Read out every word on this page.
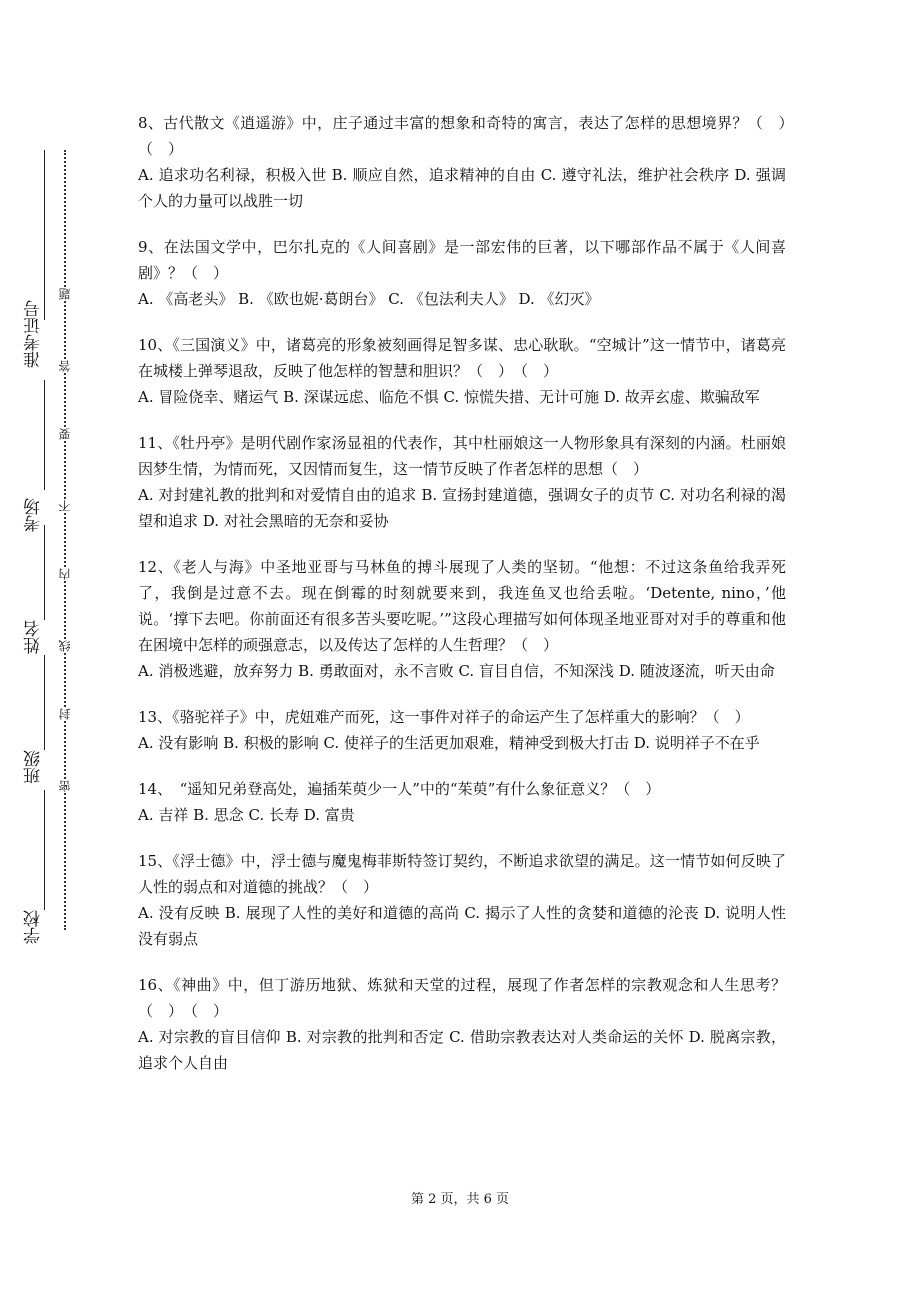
准考证号
考场
姓名
班级
学校
题
答
要
不
内
线
封
密

8、古代散文《逍遥游》中，庄子通过丰富的想象和奇特的寓言，表达了怎样的思想境界？（　）　（　）

A. 追求功名利禄，积极入世 B. 顺应自然，追求精神的自由 C. 遵守礼法，维护社会秩序 D. 强调个人的力量可以战胜一切

9、在法国文学中，巴尔扎克的《人间喜剧》是一部宏伟的巨著，以下哪部作品不属于《人间喜剧》？（　）

A. 《高老头》 B. 《欧也妮·葛朗台》 C. 《包法利夫人》 D. 《幻灭》

10、《三国演义》中，诸葛亮的形象被刻画得足智多谋、忠心耿耿。“空城计”这一情节中，诸葛亮在城楼上弹琴退敌，反映了他怎样的智慧和胆识？（　）　（　）

A. 冒险侥幸、赌运气 B. 深谋远虑、临危不惧 C. 惊慌失措、无计可施 D. 故弄玄虚、欺骗敌军

11、《牡丹亭》是明代剧作家汤显祖的代表作，其中杜丽娘这一人物形象具有深刻的内涵。杜丽娘因梦生情，为情而死，又因情而复生，这一情节反映了作者怎样的思想（　）

A. 对封建礼教的批判和对爱情自由的追求 B. 宣扬封建道德，强调女子的贞节 C. 对功名利禄的渴望和追求 D. 对社会黑暗的无奈和妥协

12、《老人与海》中圣地亚哥与马林鱼的搏斗展现了人类的坚韧。“他想：不过这条鱼给我弄死了，我倒是过意不去。现在倒霉的时刻就要来到，我连鱼叉也给丢啦。‘Detente, nino，’他说。‘撑下去吧。你前面还有很多苦头要吃呢。’”这段心理描写如何体现圣地亚哥对对手的尊重和他在困境中怎样的顽强意志，以及传达了怎样的人生哲理？（　）

A. 消极逃避，放弃努力 B. 勇敢面对，永不言败 C. 盲目自信，不知深浅 D. 随波逐流，听天由命

13、《骆驼祥子》中，虎妞难产而死，这一事件对祥子的命运产生了怎样重大的影响？（　）

A. 没有影响 B. 积极的影响 C. 使祥子的生活更加艰难，精神受到极大打击 D. 说明祥子不在乎

14、　“遥知兄弟登高处，遍插茱萸少一人”中的“茱萸”有什么象征意义？（　）

A. 吉祥 B. 思念 C. 长寿 D. 富贵

15、《浮士德》中，浮士德与魔鬼梅菲斯特签订契约，不断追求欲望的满足。这一情节如何反映了人性的弱点和对道德的挑战？（　）

A. 没有反映 B. 展现了人性的美好和道德的高尚 C. 揭示了人性的贪婪和道德的沦丧 D. 说明人性没有弱点

16、《神曲》中，但丁游历地狱、炼狱和天堂的过程，展现了作者怎样的宗教观念和人生思考？（　）　（　）

A. 对宗教的盲目信仰 B. 对宗教的批判和否定 C. 借助宗教表达对人类命运的关怀 D. 脱离宗教，追求个人自由

第 2 页，共 6 页
